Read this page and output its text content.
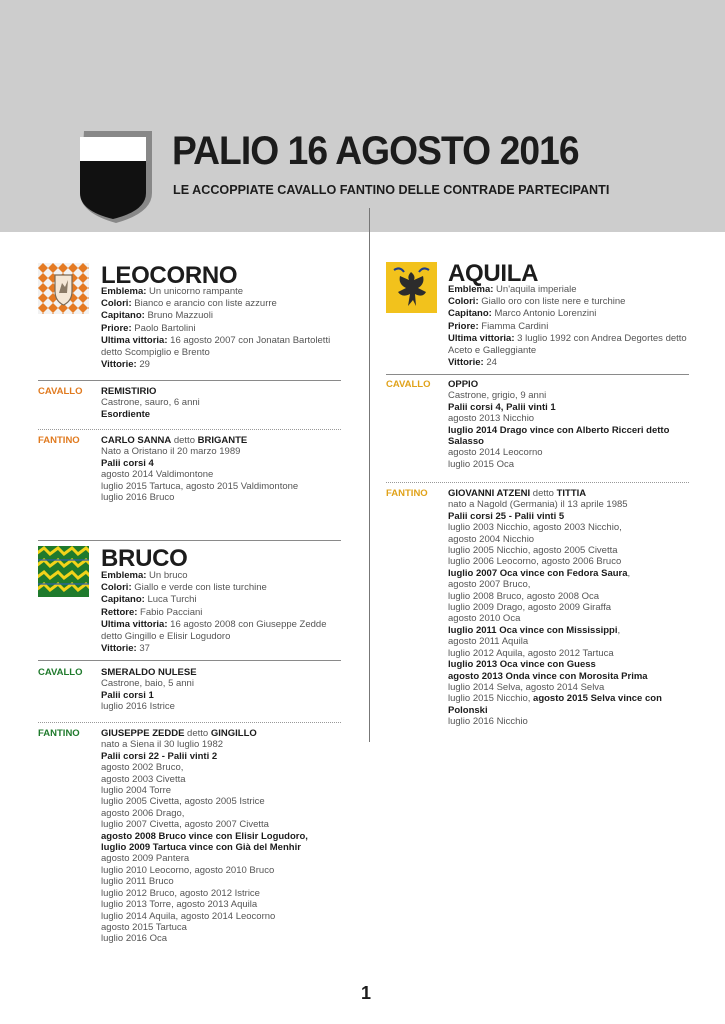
PALIO 16 AGOSTO 2016
LE ACCOPPIATE CAVALLO FANTINO DELLE CONTRADE PARTECIPANTI
LEOCORNO
Emblema: Un unicorno rampante
Colori: Bianco e arancio con liste azzurre
Capitano: Bruno Mazzuoli
Priore: Paolo Bartolini
Ultima vittoria: 16 agosto 2007 con Jonatan Bartoletti
detto Scompiglio e Brento
Vittorie: 29
CAVALLO REMISTIRIO
Castrone, sauro, 6 anni
Esordiente
FANTINO CARLO SANNA detto BRIGANTE
Nato a Oristano il 20 marzo 1989
Palii corsi 4
agosto 2014 Valdimontone
luglio 2015 Tartuca, agosto 2015 Valdimontone
luglio 2016 Bruco
BRUCO
Emblema: Un bruco
Colori: Giallo e verde con liste turchine
Capitano: Luca Turchi
Rettore: Fabio Pacciani
Ultima vittoria: 16 agosto 2008 con Giuseppe Zedde
detto Gingillo e Elisir Logudoro
Vittorie: 37
CAVALLO SMERALDO NULESE
Castrone, baio, 5 anni
Palii corsi 1
luglio 2016 Istrice
FANTINO GIUSEPPE ZEDDE detto GINGILLO
nato a Siena il 30 luglio 1982
Palii corsi 22 - Palii vinti 2
agosto 2002 Bruco,
agosto 2003 Civetta
luglio 2004 Torre
luglio 2005 Civetta, agosto 2005 Istrice
agosto 2006 Drago,
luglio 2007 Civetta, agosto 2007 Civetta
agosto 2008 Bruco vince con Elisir Logudoro,
luglio 2009 Tartuca vince con Già del Menhir
agosto 2009 Pantera
luglio 2010 Leocorno, agosto 2010 Bruco
luglio 2011 Bruco
luglio 2012 Bruco, agosto 2012 Istrice
luglio 2013 Torre, agosto 2013 Aquila
luglio 2014 Aquila, agosto 2014 Leocorno
agosto 2015 Tartuca
luglio 2016 Oca
AQUILA
Emblema: Un'aquila imperiale
Colori: Giallo oro con liste nere e turchine
Capitano: Marco Antonio Lorenzini
Priore: Fiamma Cardini
Ultima vittoria: 3 luglio 1992 con Andrea Degortes detto
Aceto e Galleggiante
Vittorie: 24
CAVALLO OPPIO
Castrone, grigio, 9 anni
Palii corsi 4, Palii vinti 1
agosto 2013 Nicchio
luglio 2014 Drago vince con Alberto Ricceri detto
Salasso
agosto 2014 Leocorno
luglio 2015 Oca
FANTINO GIOVANNI ATZENI detto TITTIA
nato a Nagold (Germania) il 13 aprile 1985
Palii corsi 25 - Palii vinti 5
luglio 2003 Nicchio, agosto 2003 Nicchio,
agosto 2004 Nicchio
luglio 2005 Nicchio, agosto 2005 Civetta
luglio 2006 Leocorno, agosto 2006 Bruco
luglio 2007 Oca vince con Fedora Saura,
agosto 2007 Bruco,
luglio 2008 Bruco, agosto 2008 Oca
luglio 2009 Drago, agosto 2009 Giraffa
agosto 2010 Oca
luglio 2011 Oca vince con Mississippi,
agosto 2011 Aquila
luglio 2012 Aquila, agosto 2012 Tartuca
luglio 2013 Oca vince con Guess
agosto 2013 Onda vince con Morosita Prima
luglio 2014 Selva, agosto 2014 Selva
luglio 2015 Nicchio, agosto 2015 Selva vince con
Polonski
luglio 2016 Nicchio
1
